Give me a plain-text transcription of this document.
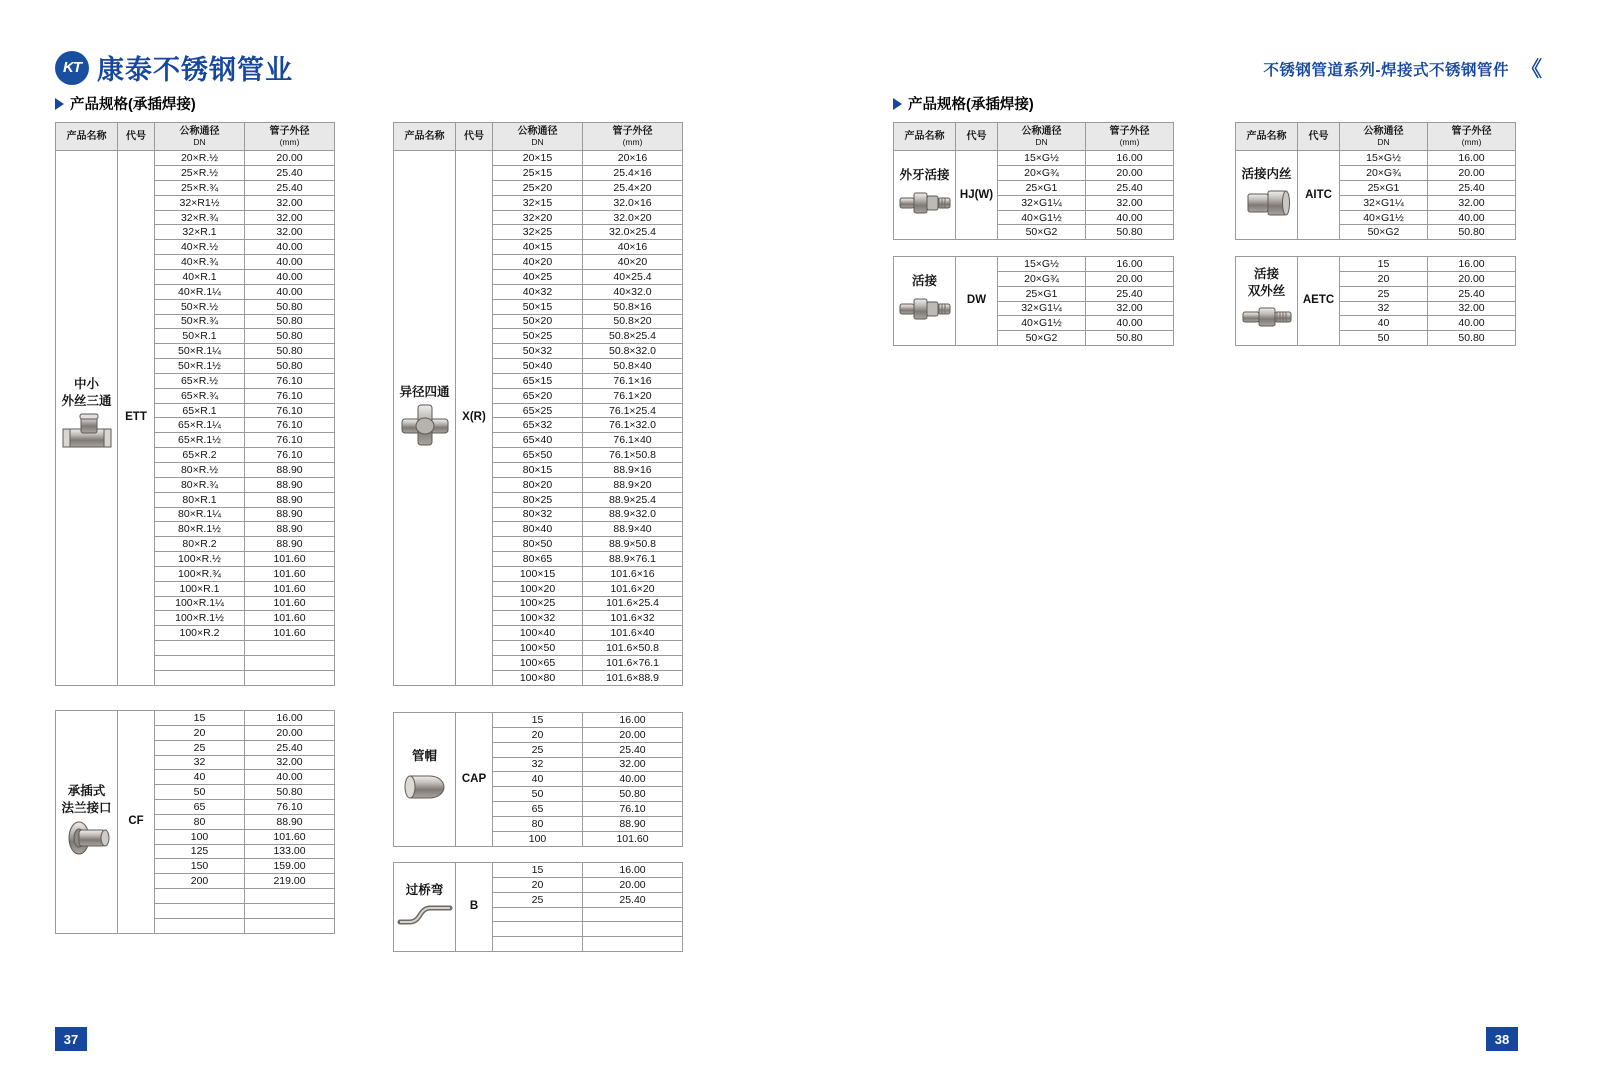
KT 康泰不锈钢管业	不锈钢管道系列-焊接式不锈钢管件 《
产品规格(承插焊接)	产品规格(承插焊接)
产品名称	代号	公称通径
DN	管子外径
(mm)

中小
外丝三通	ETT	20×R.½	20.00
		25×R.½	25.40
		25×R.¾	25.40
		32×R1½	32.00
		32×R.¾	32.00
		32×R.1	32.00
		40×R.½	40.00
		40×R.¾	40.00
		40×R.1	40.00
		40×R.1¼	40.00
		50×R.½	50.80
		50×R.¾	50.80
		50×R.1	50.80
		50×R.1¼	50.80
		50×R.1½	50.80
		65×R.½	76.10
		65×R.¾	76.10
		65×R.1	76.10
		65×R.1¼	76.10
		65×R.1½	76.10
		65×R.2	76.10
		80×R.½	88.90
		80×R.¾	88.90
		80×R.1	88.90
		80×R.1¼	88.90
		80×R.1½	88.90
		80×R.2	88.90
		100×R.½	101.60
		100×R.¾	101.60
		100×R.1	101.60
		100×R.1¼	101.60
		100×R.1½	101.60
		100×R.2	101.60

产品名称	代号	公称通径
DN	管子外径
(mm)

异径四通	X(R)	20×15	20×16
		25×15	25.4×16
		25×20	25.4×20
		32×15	32.0×16
		32×20	32.0×20
		32×25	32.0×25.4
		40×15	40×16
		40×20	40×20
		40×25	40×25.4
		40×32	40×32.0
		50×15	50.8×16
		50×20	50.8×20
		50×25	50.8×25.4
		50×32	50.8×32.0
		50×40	50.8×40
		65×15	76.1×16
		65×20	76.1×20
		65×25	76.1×25.4
		65×32	76.1×32.0
		65×40	76.1×40
		65×50	76.1×50.8
		80×15	88.9×16
		80×20	88.9×20
		80×25	88.9×25.4
		80×32	88.9×32.0
		80×40	88.9×40
		80×50	88.9×50.8
		80×65	88.9×76.1
		100×15	101.6×16
		100×20	101.6×20
		100×25	101.6×25.4
		100×32	101.6×32
		100×40	101.6×40
		100×50	101.6×50.8
		100×65	101.6×76.1
		100×80	101.6×88.9
承插式
法兰接口	CF	15	16.00
		20	20.00
		25	25.40
		32	32.00
		40	40.00
		50	50.80
		65	76.10
		80	88.90
		100	101.60
		125	133.00
		150	159.00
		200	219.00

管帽	CAP	15	16.00
		20	20.00
		25	25.40
		32	32.00
		40	40.00
		50	50.80
		65	76.10
		80	88.90
		100	101.60
过桥弯	B	15	16.00
		20	20.00
		25	25.40

产品名称	代号	公称通径
DN	管子外径
(mm)

外牙活接	HJ(W)	15×G½	16.00
		20×G¾	20.00
		25×G1	25.40
		32×G1¼	32.00
		40×G1½	40.00
		50×G2	50.80
活接	DW	15×G½	16.00
		20×G¾	20.00
		25×G1	25.40
		32×G1¼	32.00
		40×G1½	40.00
		50×G2	50.80
产品名称	代号	公称通径
DN	管子外径
(mm)

活接内丝	AITC	15×G½	16.00
		20×G¾	20.00
		25×G1	25.40
		32×G1¼	32.00
		40×G1½	40.00
		50×G2	50.80
活接
双外丝	AETC	15	16.00
		20	20.00
		25	25.40
		32	32.00
		40	40.00
		50	50.80
37	38
